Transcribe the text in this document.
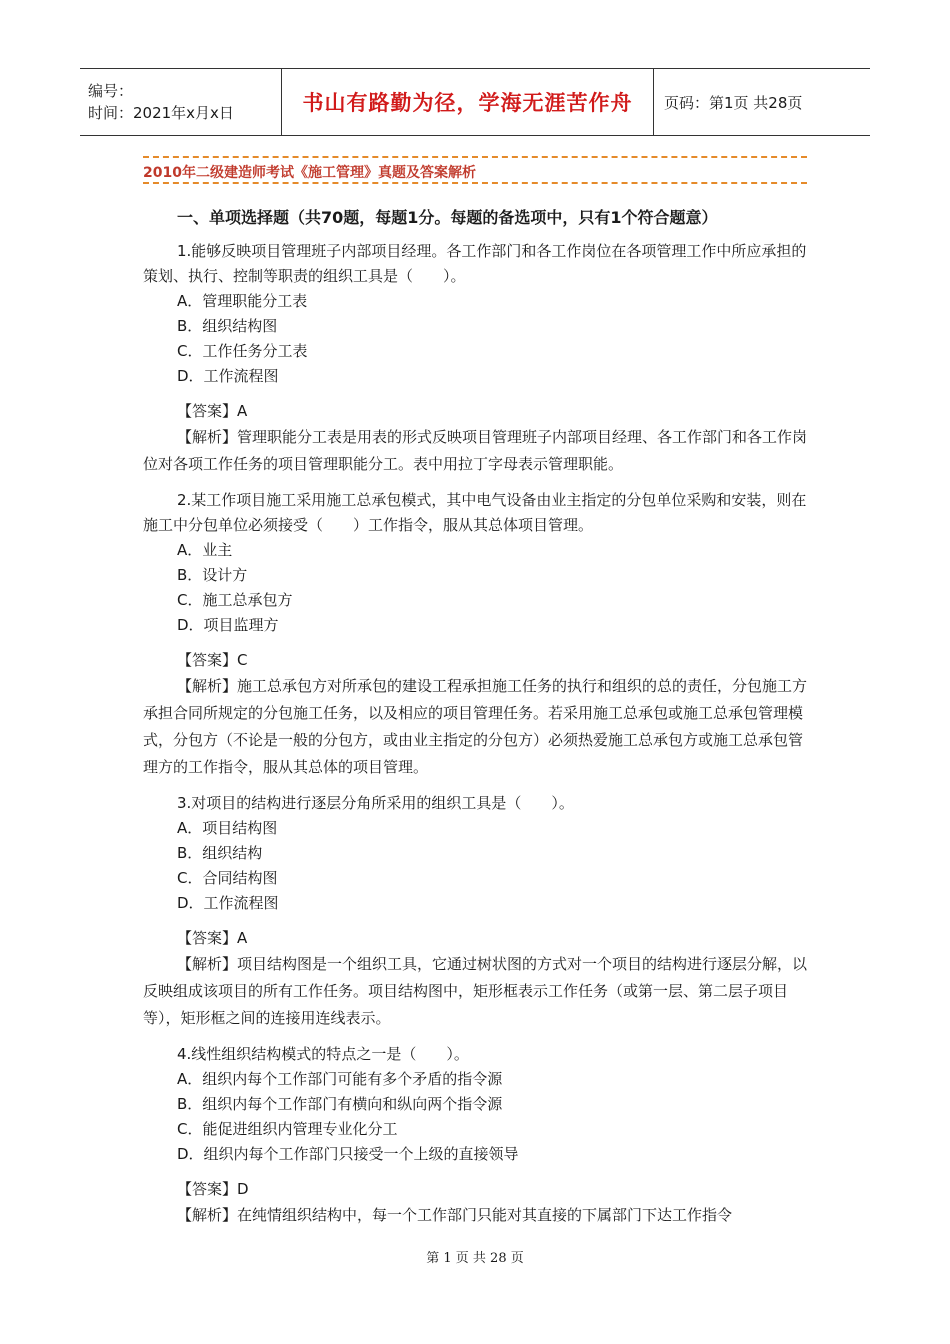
编号：
时间：2021年x月x日	书山有路勤为径，学海无涯苦作舟	页码：第1页 共28页
2010年二级建造师考试《施工管理》真题及答案解析
一、单项选择题（共70题，每题1分。每题的备选项中，只有1个符合题意）
1.能够反映项目管理班子内部项目经理。各工作部门和各工作岗位在各项管理工作中所应承担的策划、执行、控制等职责的组织工具是（　　）。
A．管理职能分工表
B．组织结构图
C．工作任务分工表
D．工作流程图
【答案】A
【解析】管理职能分工表是用表的形式反映项目管理班子内部项目经理、各工作部门和各工作岗位对各项工作任务的项目管理职能分工。表中用拉丁字母表示管理职能。
2.某工作项目施工采用施工总承包模式，其中电气设备由业主指定的分包单位采购和安装，则在施工中分包单位必须接受（　　）工作指令，服从其总体项目管理。
A．业主
B．设计方
C．施工总承包方
D．项目监理方
【答案】C
【解析】施工总承包方对所承包的建设工程承担施工任务的执行和组织的总的责任，分包施工方承担合同所规定的分包施工任务，以及相应的项目管理任务。若采用施工总承包或施工总承包管理模式，分包方（不论是一般的分包方，或由业主指定的分包方）必须热爱施工总承包方或施工总承包管理方的工作指令，服从其总体的项目管理。
3.对项目的结构进行逐层分角所采用的组织工具是（　　）。
A．项目结构图
B．组织结构
C．合同结构图
D．工作流程图
【答案】A
【解析】项目结构图是一个组织工具，它通过树状图的方式对一个项目的结构进行逐层分解，以反映组成该项目的所有工作任务。项目结构图中，矩形框表示工作任务（或第一层、第二层子项目等），矩形框之间的连接用连线表示。
4.线性组织结构模式的特点之一是（　　）。
A．组织内每个工作部门可能有多个矛盾的指令源
B．组织内每个工作部门有横向和纵向两个指令源
C．能促进组织内管理专业化分工
D．组织内每个工作部门只接受一个上级的直接领导
【答案】D
【解析】在纯情组织结构中，每一个工作部门只能对其直接的下属部门下达工作指令
第 1 页 共 28 页
